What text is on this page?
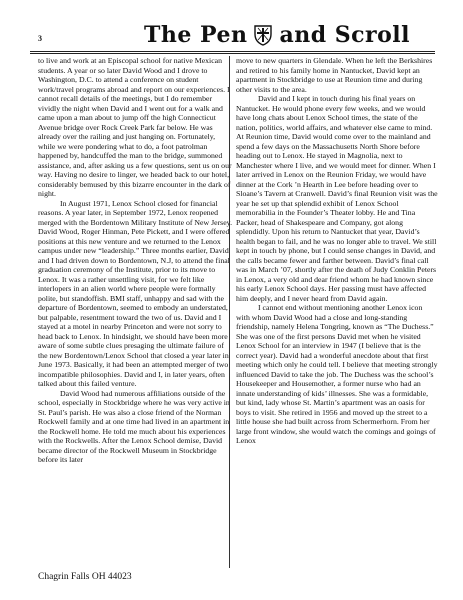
3	The Pen and Scroll

to live and work at an Episcopal school for native Mexican students. A year or so later David Wood and I drove to Washington, D.C. to attend a conference on student work/travel programs abroad and report on our experiences. I cannot recall details of the meetings, but I do remember vividly the night when David and I went out for a walk and came upon a man about to jump off the high Connecticut Avenue bridge over Rock Creek Park far below. He was already over the railing and just hanging on. Fortunately, while we were pondering what to do, a foot patrolman happened by, handcuffed the man to the bridge, summoned assistance, and, after asking us a few questions, sent us on our way. Having no desire to linger, we headed back to our hotel, considerably bemused by this bizarre encounter in the dark of night.

In August 1971, Lenox School closed for financial reasons. A year later, in September 1972, Lenox reopened merged with the Bordentown Military Institute of New Jersey. David Wood, Roger Hinman, Pete Pickett, and I were offered positions at this new venture and we returned to the Lenox campus under new “leadership.” Three months earlier, David and I had driven down to Bordentown, N.J, to attend the final graduation ceremony of the Institute, prior to its move to Lenox. It was a rather unsettling visit, for we felt like interlopers in an alien world where people were formally polite, but standoffish. BMI staff, unhappy and sad with the departure of Bordentown, seemed to embody an understated, but palpable, resentment toward the two of us. David and I stayed at a motel in nearby Princeton and were not sorry to head back to Lenox. In hindsight, we should have been more aware of some subtle clues presaging the ultimate failure of the new Bordentown/Lenox School that closed a year later in June 1973. Basically, it had been an attempted merger of two incompatible philosophies. David and I, in later years, often talked about this failed venture.

David Wood had numerous affiliations outside of the school, especially in Stockbridge where he was very active in St. Paul’s parish. He was also a close friend of the Norman Rockwell family and at one time had lived in an apartment in the Rockwell home. He told me much about his experiences with the Rockwells. After the Lenox School demise, David became director of the Rockwell Museum in Stockbridge before its later

move to new quarters in Glendale. When he left the Berkshires and retired to his family home in Nantucket, David kept an apartment in Stockbridge to use at Reunion time and during other visits to the area.

David and I kept in touch during his final years on Nantucket. He would phone every few weeks, and we would have long chats about Lenox School times, the state of the nation, politics, world affairs, and whatever else came to mind. At Reunion time, David would come over to the mainland and spend a few days on the Massachusetts North Shore before heading out to Lenox. He stayed in Magnolia, next to Manchester where I live, and we would meet for dinner. When I later arrived in Lenox on the Reunion Friday, we would have dinner at the Cork ’n Hearth in Lee before heading over to Sloane’s Tavern at Cranwell. David’s final Reunion visit was the year he set up that splendid exhibit of Lenox School memorabilia in the Founder’s Theater lobby. He and Tina Packer, head of Shakespeare and Company, got along splendidly. Upon his return to Nantucket that year, David’s health began to fail, and he was no longer able to travel. We still kept in touch by phone, but I could sense changes in David, and the calls became fewer and farther between. David’s final call was in March ’07, shortly after the death of Judy Conklin Peters in Lenox, a very old and dear friend whom he had known since his early Lenox School days. Her passing must have affected him deeply, and I never heard from David again.

I cannot end without mentioning another Lenox icon with whom David Wood had a close and long-standing friendship, namely Helena Tongring, known as “The Duchess.” She was one of the first persons David met when he visited Lenox School for an interview in 1947 (I believe that is the correct year). David had a wonderful anecdote about that first meeting which only he could tell. I believe that meeting strongly influenced David to take the job. The Duchess was the school’s Housekeeper and Housemother, a former nurse who had an innate understanding of kids’ illnesses. She was a formidable, but kind, lady whose St. Martin’s apartment was an oasis for boys to visit. She retired in 1956 and moved up the street to a little house she had built across from Schermerhorn. From her large front window, she would watch the comings and goings of Lenox

Chagrin Falls OH 44023
